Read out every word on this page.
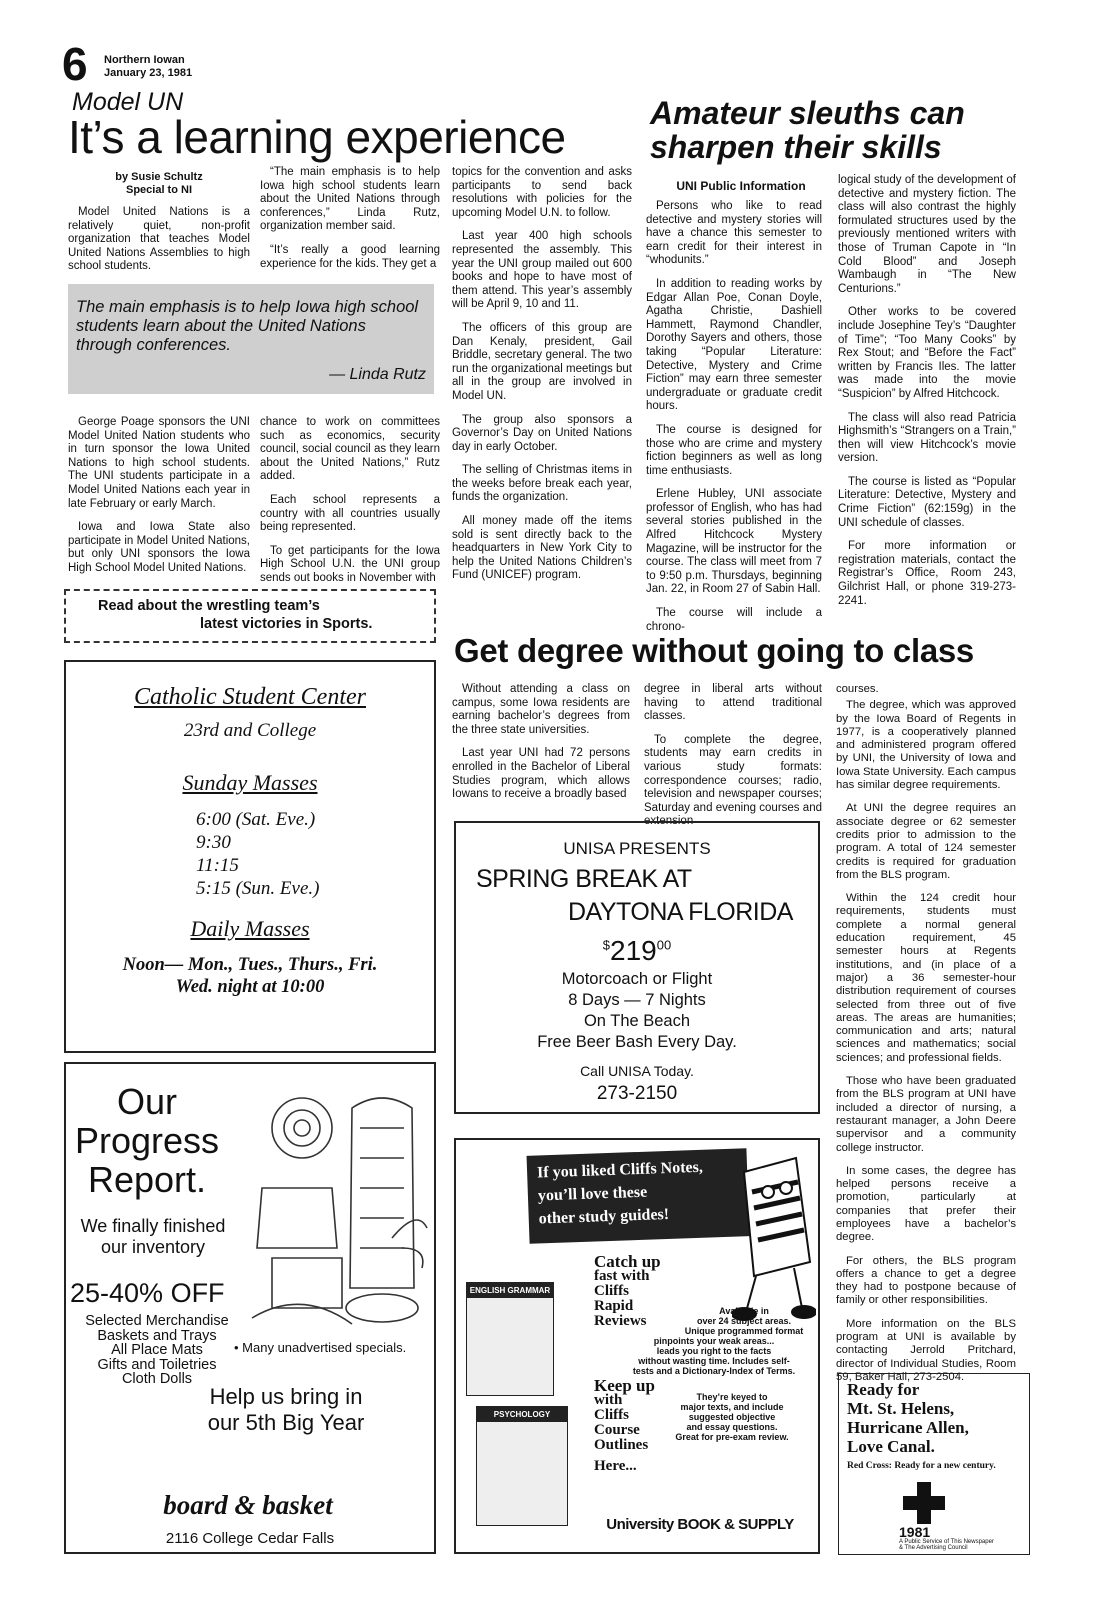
6 Northern Iowan
January 23, 1981
Model UN
It’s a learning experience
by Susie Schultz
Special to NI

Model United Nations is a relatively quiet, non-profit organization that teaches Model United Nations Assemblies to high school students.

“The main emphasis is to help Iowa high school students learn about the United Nations through conferences,” Linda Rutz, organization member said.

“It’s really a good learning experience for the kids. They get a

The main emphasis is to help Iowa high school students learn about the United Nations through conferences.
— Linda Rutz

George Poage sponsors the UNI Model United Nation students who in turn sponsor the Iowa United Nations to high school students. The UNI students participate in a Model United Nations each year in late February or early March.

Iowa and Iowa State also participate in Model United Nations, but only UNI sponsors the Iowa High School Model United Nations.

chance to work on committees such as economics, security council, social council as they learn about the United Nations,” Rutz added.

Each school represents a country with all countries usually being represented.

To get participants for the Iowa High School U.N. the UNI group sends out books in November with

topics for the convention and asks participants to send back resolutions with policies for the upcoming Model U.N. to follow.

Last year 400 high schools represented the assembly. This year the UNI group mailed out 600 books and hope to have most of them attend. This year’s assembly will be April 9, 10 and 11.

The officers of this group are Dan Kenaly, president, Gail Briddle, secretary general. The two run the organizational meetings but all in the group are involved in Model UN.

The group also sponsors a Governor’s Day on United Nations day in early October.

The selling of Christmas items in the weeks before break each year, funds the organization.

All money made off the items sold is sent directly back to the headquarters in New York City to help the United Nations Children’s Fund (UNICEF) program.

Read about the wrestling team’s
latest victories in Sports.
Amateur sleuths can sharpen their skills
UNI Public Information

Persons who like to read detective and mystery stories will have a chance this semester to earn credit for their interest in “whodunits.”

In addition to reading works by Edgar Allan Poe, Conan Doyle, Agatha Christie, Dashiell Hammett, Raymond Chandler, Dorothy Sayers and others, those taking “Popular Literature: Detective, Mystery and Crime Fiction” may earn three semester undergraduate or graduate credit hours.

The course is designed for those who are crime and mystery fiction beginners as well as long time enthusiasts.

Erlene Hubley, UNI associate professor of English, who has had several stories published in the Alfred Hitchcock Mystery Magazine, will be instructor for the course. The class will meet from 7 to 9:50 p.m. Thursdays, beginning Jan. 22, in Room 27 of Sabin Hall.

The course will include a chrono-

logical study of the development of detective and mystery fiction. The class will also contrast the highly formulated structures used by the previously mentioned writers with those of Truman Capote in “In Cold Blood” and Joseph Wambaugh in “The New Centurions.”

Other works to be covered include Josephine Tey’s “Daughter of Time”; “Too Many Cooks” by Rex Stout; and “Before the Fact” written by Francis Iles. The latter was made into the movie “Suspicion” by Alfred Hitchcock.

The class will also read Patricia Highsmith’s “Strangers on a Train,” then will view Hitchcock’s movie version.

The course is listed as “Popular Literature: Detective, Mystery and Crime Fiction” (62:159g) in the UNI schedule of classes.

For more information or registration materials, contact the Registrar’s Office, Room 243, Gilchrist Hall, or phone 319-273-2241.

Get degree without going to class

Without attending a class on campus, some Iowa residents are earning bachelor’s degrees from the three state universities.

Last year UNI had 72 persons enrolled in the Bachelor of Liberal Studies program, which allows Iowans to receive a broadly based

degree in liberal arts without having to attend traditional classes.

To complete the degree, students may earn credits in various study formats: correspondence courses; radio, television and newspaper courses; Saturday and evening courses and extension

courses.

The degree, which was approved by the Iowa Board of Regents in 1977, is a cooperatively planned and administered program offered by UNI, the University of Iowa and Iowa State University. Each campus has similar degree requirements.

At UNI the degree requires an associate degree or 62 semester credits prior to admission to the program. A total of 124 semester credits is required for graduation from the BLS program.

Within the 124 credit hour requirements, students must complete a normal general education requirement, 45 semester hours at Regents institutions, and (in place of a major) a 36 semester-hour distribution requirement of courses selected from three out of five areas. The areas are humanities; communication and arts; natural sciences and mathematics; social sciences; and professional fields.

Those who have been graduated from the BLS program at UNI have included a director of nursing, a restaurant manager, a John Deere supervisor and a community college instructor.

In some cases, the degree has helped persons receive a promotion, particularly at companies that prefer their employees have a bachelor’s degree.

For others, the BLS program offers a chance to get a degree they had to postpone because of family or other responsibilities.

More information on the BLS program at UNI is available by contacting Jerrold Pritchard, director of Individual Studies, Room 59, Baker Hall, 273-2504.

Catholic Student Center
23rd and College
Sunday Masses
6:00 (Sat. Eve.)
9:30
11:15
5:15 (Sun. Eve.)
Daily Masses
Noon— Mon., Tues., Thurs., Fri.
Wed. night at 10:00
Our Progress Report.
We finally finished our inventory
25-40% OFF
Selected Merchandise
Baskets and Trays
All Place Mats
Gifts and Toiletries
Cloth Dolls
• Many unadvertised specials.
Help us bring in our 5th Big Year
board & basket
2116 College Cedar Falls
UNISA PRESENTS
SPRING BREAK AT
DAYTONA FLORIDA
$^{\$}219^{00}$
Motorcoach or Flight
8 Days — 7 Nights
On The Beach
Free Beer Bash Every Day.
Call UNISA Today.
273-2150
If you liked Cliffs Notes,
you’ll love these
other study guides!
ENGLISH GRAMMAR
PSYCHOLOGY
Catch up
fast with
Cliffs
Rapid
Reviews
Available in
over 24 subject areas.
Unique programmed format
pinpoints your weak areas...
leads you right to the facts
without wasting time. Includes self-
tests and a Dictionary-Index of Terms.
Keep up
with
Cliffs
Course
Outlines
They’re keyed to
major texts, and include
suggested objective
and essay questions.
Great for pre-exam review.
Here...
University BOOK & SUPPLY
Ready for
Mt. St. Helens,
Hurricane Allen,
Love Canal.
Red Cross: Ready for a new century.
1981
A Public Service of This Newspaper
& The Advertising Council
